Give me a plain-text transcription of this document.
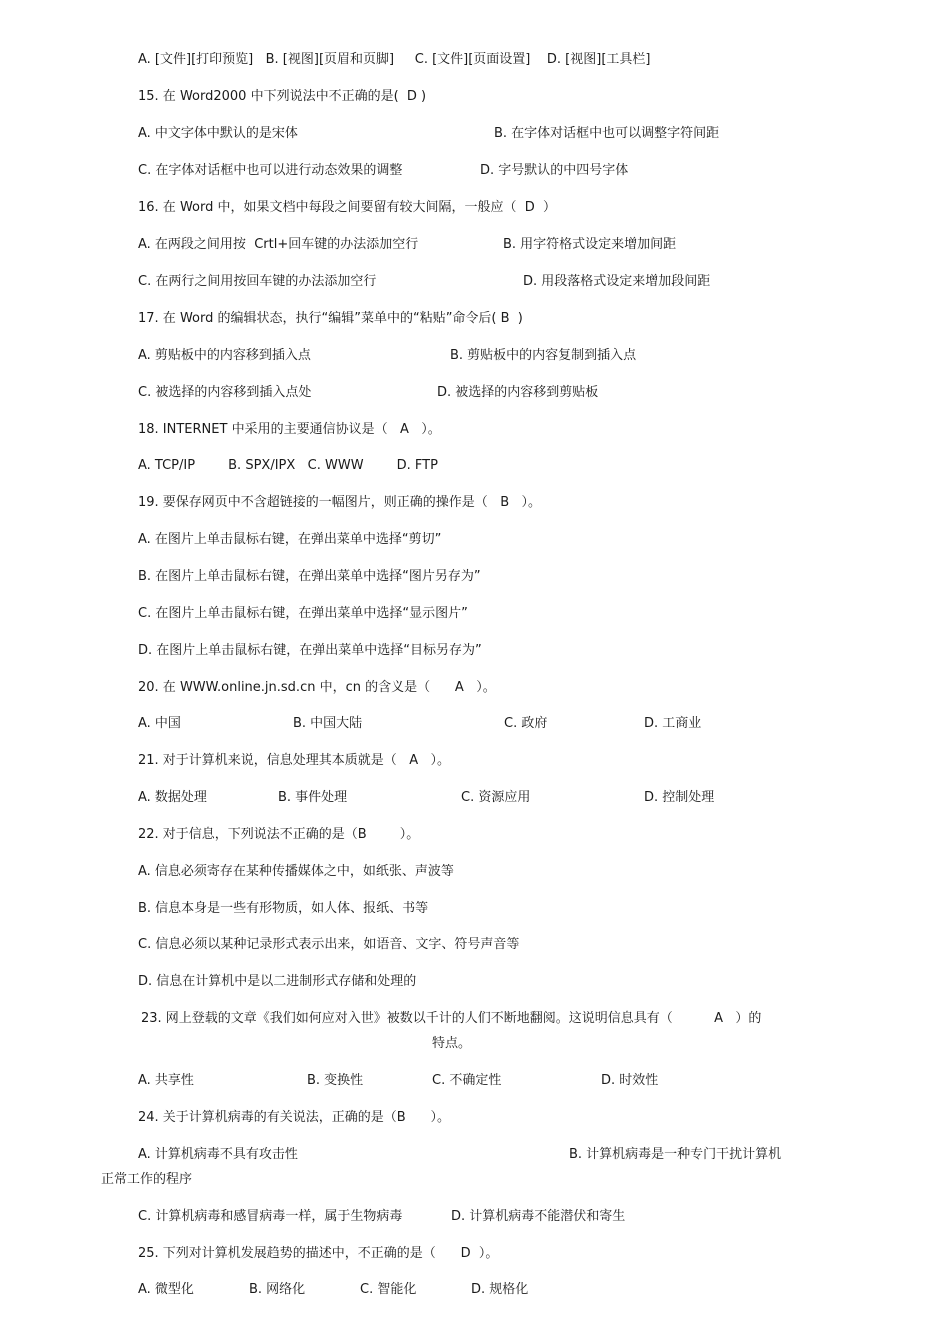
A. [文件][打印预览]   B. [视图][页眉和页脚]     C. [文件][页面设置]    D. [视图][工具栏]
15. 在 Word2000 中下列说法中不正确的是(  D )
A. 中文字体中默认的是宋体	B. 在字体对话框中也可以调整字符间距
C. 在字体对话框中也可以进行动态效果的调整	D. 字号默认的中四号字体
16. 在 Word 中，如果文档中每段之间要留有较大间隔，一般应（  D  ）
A. 在两段之间用按  Crtl+回车键的办法添加空行	B. 用字符格式设定来增加间距
C. 在两行之间用按回车键的办法添加空行	D. 用段落格式设定来增加段间距
17. 在 Word 的编辑状态，执行“编辑”菜单中的“粘贴”命令后( B  )
A. 剪贴板中的内容移到插入点	B. 剪贴板中的内容复制到插入点
C. 被选择的内容移到插入点处	D. 被选择的内容移到剪贴板
18. INTERNET 中采用的主要通信协议是（   A   ）。
A. TCP/IP        B. SPX/IPX   C. WWW        D. FTP
19. 要保存网页中不含超链接的一幅图片，则正确的操作是（   B   ）。
A. 在图片上单击鼠标右键，在弹出菜单中选择“剪切”
B. 在图片上单击鼠标右键，在弹出菜单中选择“图片另存为”
C. 在图片上单击鼠标右键，在弹出菜单中选择“显示图片”
D. 在图片上单击鼠标右键，在弹出菜单中选择“目标另存为”
20. 在 WWW.online.jn.sd.cn 中，cn 的含义是（      A   ）。
A. 中国	B. 中国大陆	C. 政府	D. 工商业
21. 对于计算机来说，信息处理其本质就是（   A   ）。
A. 数据处理	B. 事件处理	C. 资源应用	D. 控制处理
22. 对于信息，下列说法不正确的是（B        ）。
A. 信息必须寄存在某种传播媒体之中，如纸张、声波等
B. 信息本身是一些有形物质，如人体、报纸、书等
C. 信息必须以某种记录形式表示出来，如语音、文字、符号声音等
D. 信息在计算机中是以二进制形式存储和处理的
23. 网上登载的文章《我们如何应对入世》被数以千计的人们不断地翻阅。这说明信息具有（          A   ）的
特点。
A. 共享性	B. 变换性	C. 不确定性	D. 时效性
24. 关于计算机病毒的有关说法，正确的是（B      ）。
A. 计算机病毒不具有攻击性	B. 计算机病毒是一种专门干扰计算机
正常工作的程序
C. 计算机病毒和感冒病毒一样，属于生物病毒	D. 计算机病毒不能潜伏和寄生
25. 下列对计算机发展趋势的描述中，不正确的是（      D  ）。
A. 微型化	B. 网络化	C. 智能化	D. 规格化
